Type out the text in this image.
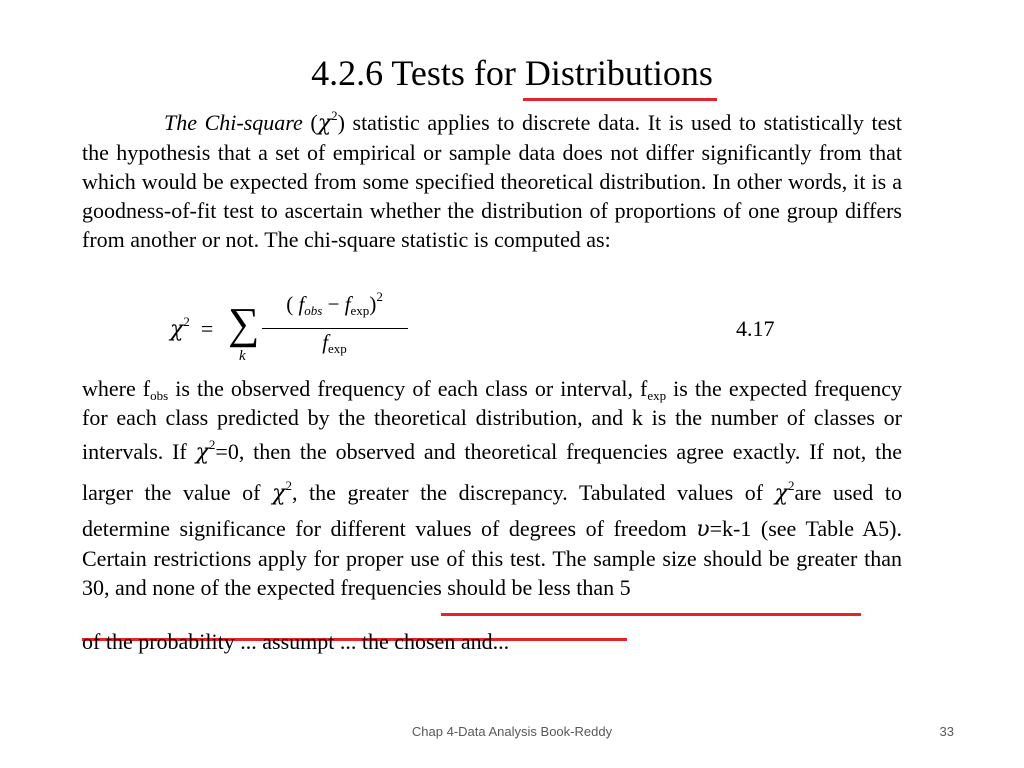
4.2.6 Tests for Distributions
The Chi-square $(\chi^2)$ statistic applies to discrete data. It is used to statistically test the hypothesis that a set of empirical or sample data does not differ significantly from that which would be expected from some specified theoretical distribution. In other words, it is a goodness-of-fit test to ascertain whether the distribution of proportions of one group differs from another or not. The chi-square statistic is computed as:
$\chi^2$ = ∑
k
( $f_{obs} - f_{exp})^2$
$f_{exp}$
4.17
where $f_{obs}$ is the observed frequency of each class or interval, $f_{exp}$ is the expected frequency for each class predicted by the theoretical distribution, and k is the number of classes or intervals. If $\chi^2=0$, then the observed and theoretical frequencies agree exactly. If not, the larger the value of $\chi^2$, the greater the discrepancy. Tabulated values of $\chi^2are$ used to determine significance for different values of degrees of freedom υ=k-1 (see Table A5). Certain restrictions apply for proper use of this test. The sample size should be greater than 30, and none of the expected frequencies should be less than 5
of the probability ... assumpt ... the chosen and...
Chap 4-Data Analysis Book-Reddy	33
